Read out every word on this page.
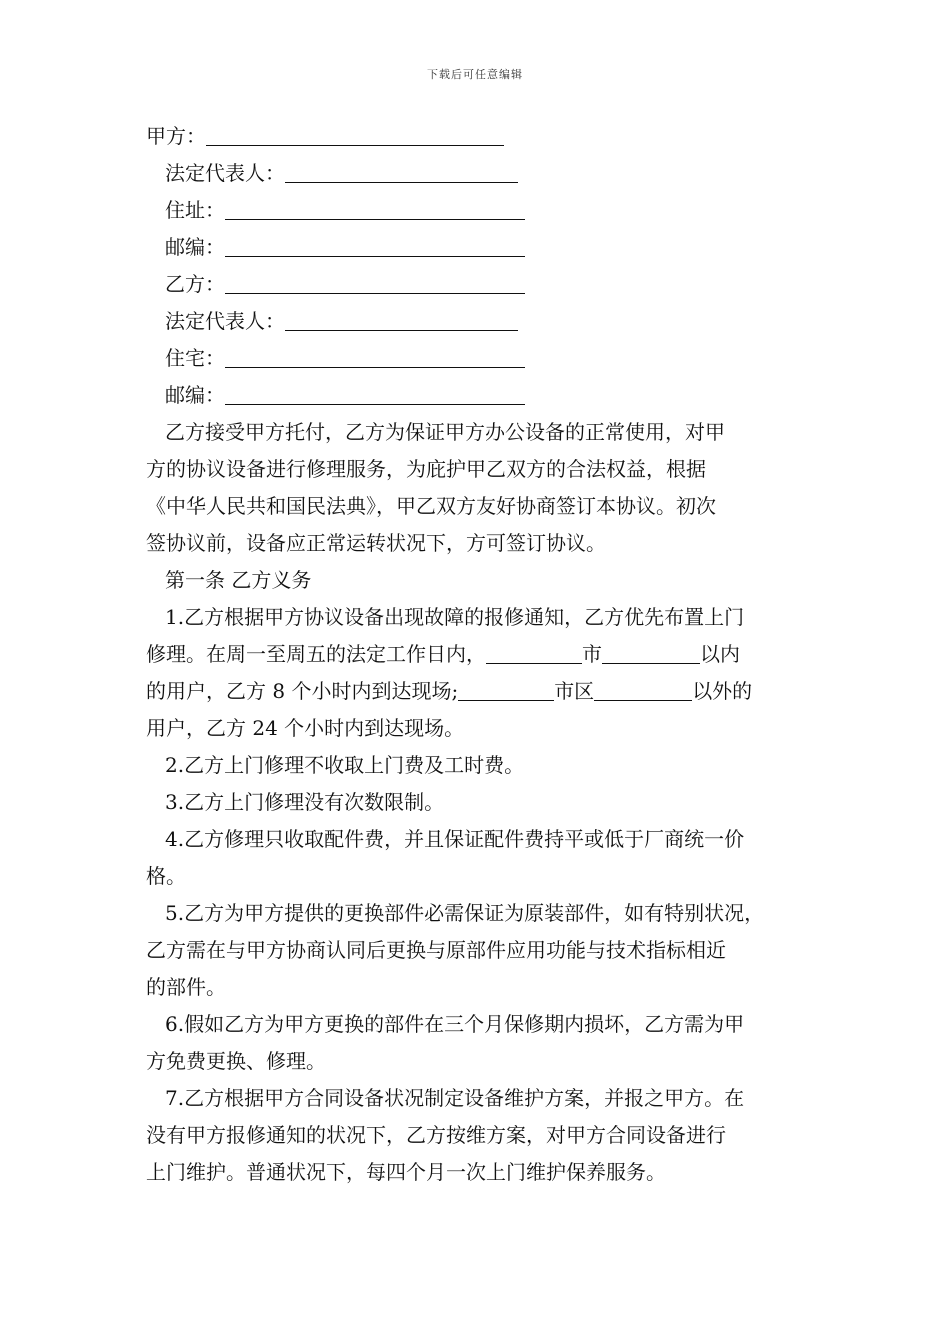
下载后可任意编辑
甲方：
法定代表人：
住址：
邮编：
乙方：
法定代表人：
住宅：
邮编：
乙方接受甲方托付，乙方为保证甲方办公设备的正常使用，对甲
方的协议设备进行修理服务，为庇护甲乙双方的合法权益，根据
《中华人民共和国民法典》，甲乙双方友好协商签订本协议。初次
签协议前，设备应正常运转状况下，方可签订协议。
第一条 乙方义务
1.乙方根据甲方协议设备出现故障的报修通知，乙方优先布置上门
修理。在周一至周五的法定工作日内，	市	以内
的用户，乙方 8 个小时内到达现场;	市区	以外的
用户，乙方 24 个小时内到达现场。
2.乙方上门修理不收取上门费及工时费。
3.乙方上门修理没有次数限制。
4.乙方修理只收取配件费，并且保证配件费持平或低于厂商统一价
格。
5.乙方为甲方提供的更换部件必需保证为原装部件，如有特别状况，
乙方需在与甲方协商认同后更换与原部件应用功能与技术指标相近
的部件。
6.假如乙方为甲方更换的部件在三个月保修期内损坏，乙方需为甲
方免费更换、修理。
7.乙方根据甲方合同设备状况制定设备维护方案，并报之甲方。在
没有甲方报修通知的状况下，乙方按维方案，对甲方合同设备进行
上门维护。普通状况下，每四个月一次上门维护保养服务。
